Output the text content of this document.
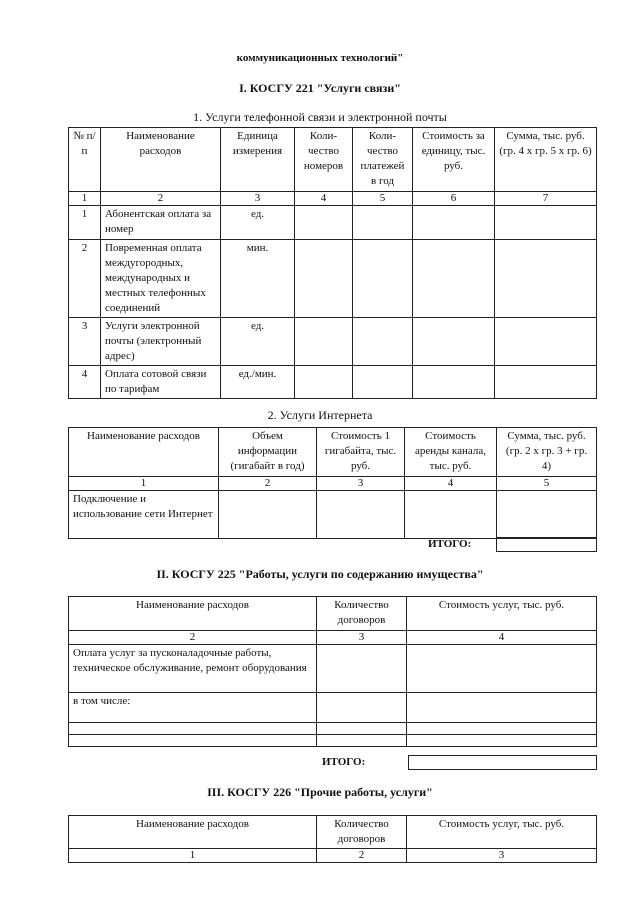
коммуникационных технологий"
I. КОСГУ 221 "Услуги связи"
1. Услуги телефонной связи и электронной почты
№ п/п	Наименование расходов	Единица измерения	Коли-чество номеров	Коли-чество платежей в год	Стоимость за единицу, тыс. руб.	Сумма, тыс. руб. (гр. 4 х гр. 5 х гр. 6)
1	2	3	4	5	6	7
1	Абонентская оплата за номер	ед.				
2	Повременная оплата междугородных, международных и местных телефонных соединений	мин.				
3	Услуги электронной почты (электронный адрес)	ед.				
4	Оплата сотовой связи по тарифам	ед./мин.				
2. Услуги Интернета
Наименование расходов	Объем информации (гигабайт в год)	Стоимость 1 гигабайта, тыс. руб.	Стоимость аренды канала, тыс. руб.	Сумма, тыс. руб. (гр. 2 х гр. 3 + гр. 4)
1	2	3	4	5
Подключение и использование сети Интернет				
ИТОГО:
II. КОСГУ 225 "Работы, услуги по содержанию имущества"
Наименование расходов	Количество договоров	Стоимость услуг, тыс. руб.
2	3	4
Оплата услуг за пусконаладочные работы, техническое обслуживание, ремонт оборудования		
в том числе:		

ИТОГО:
III. КОСГУ 226 "Прочие работы, услуги"
Наименование расходов	Количество договоров	Стоимость услуг, тыс. руб.
1	2	3
